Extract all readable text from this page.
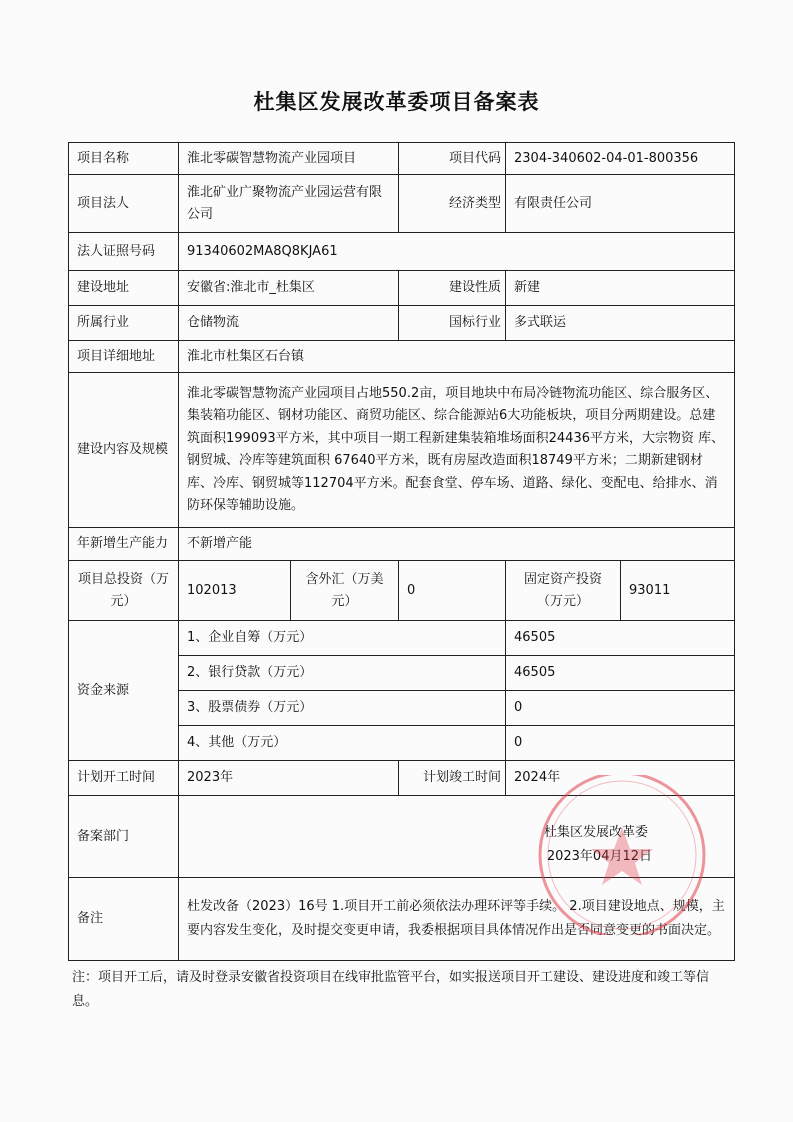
杜集区发展改革委项目备案表
项目名称	淮北零碳智慧物流产业园项目		项目代码	2304-340602-04-01-800356	
项目法人	淮北矿业广聚物流产业园运营有限公司		经济类型	有限责任公司	
法人证照号码	91340602MA8Q8KJA61				
建设地址	安徽省:淮北市_杜集区		建设性质	新建	
所属行业	仓储物流		国标行业	多式联运	
项目详细地址	淮北市杜集区石台镇				
建设内容及规模	淮北零碳智慧物流产业园项目占地550.2亩，项目地块中布局冷链物流功能区、综合服务区、集装箱功能区、钢材功能区、商贸功能区、综合能源站6大功能板块，项目分两期建设。总建筑面积199093平方米，其中项目一期工程新建集装箱堆场面积24436平方米，大宗物资 库、钢贸城、冷库等建筑面积 67640平方米，既有房屋改造面积18749平方米；二期新建钢材库、冷库、钢贸城等112704平方米。配套食堂、停车场、道路、绿化、变配电、给排水、消防环保等辅助设施。				
年新增生产能力	不新增产能				
项目总投资（万元）	102013	含外汇（万美元）	0	固定资产投资（万元）	93011
资金来源	1、企业自筹（万元）			46505	
	2、银行贷款（万元）			46505	
	3、股票债券（万元）			0	
	4、其他（万元）			0	
计划开工时间	2023年		计划竣工时间	2024年	
备案部门	杜集区发展改革委
2023年04月12日				

备注	杜发改备（2023）16号 1.项目开工前必须依法办理环评等手续。 2.项目建设地点、规模，主要内容发生变化，及时提交变更申请，我委根据项目具体情况作出是否同意变更的书面决定。				
注：项目开工后，请及时登录安徽省投资项目在线审批监管平台，如实报送项目开工建设、建设进度和竣工等信息。
